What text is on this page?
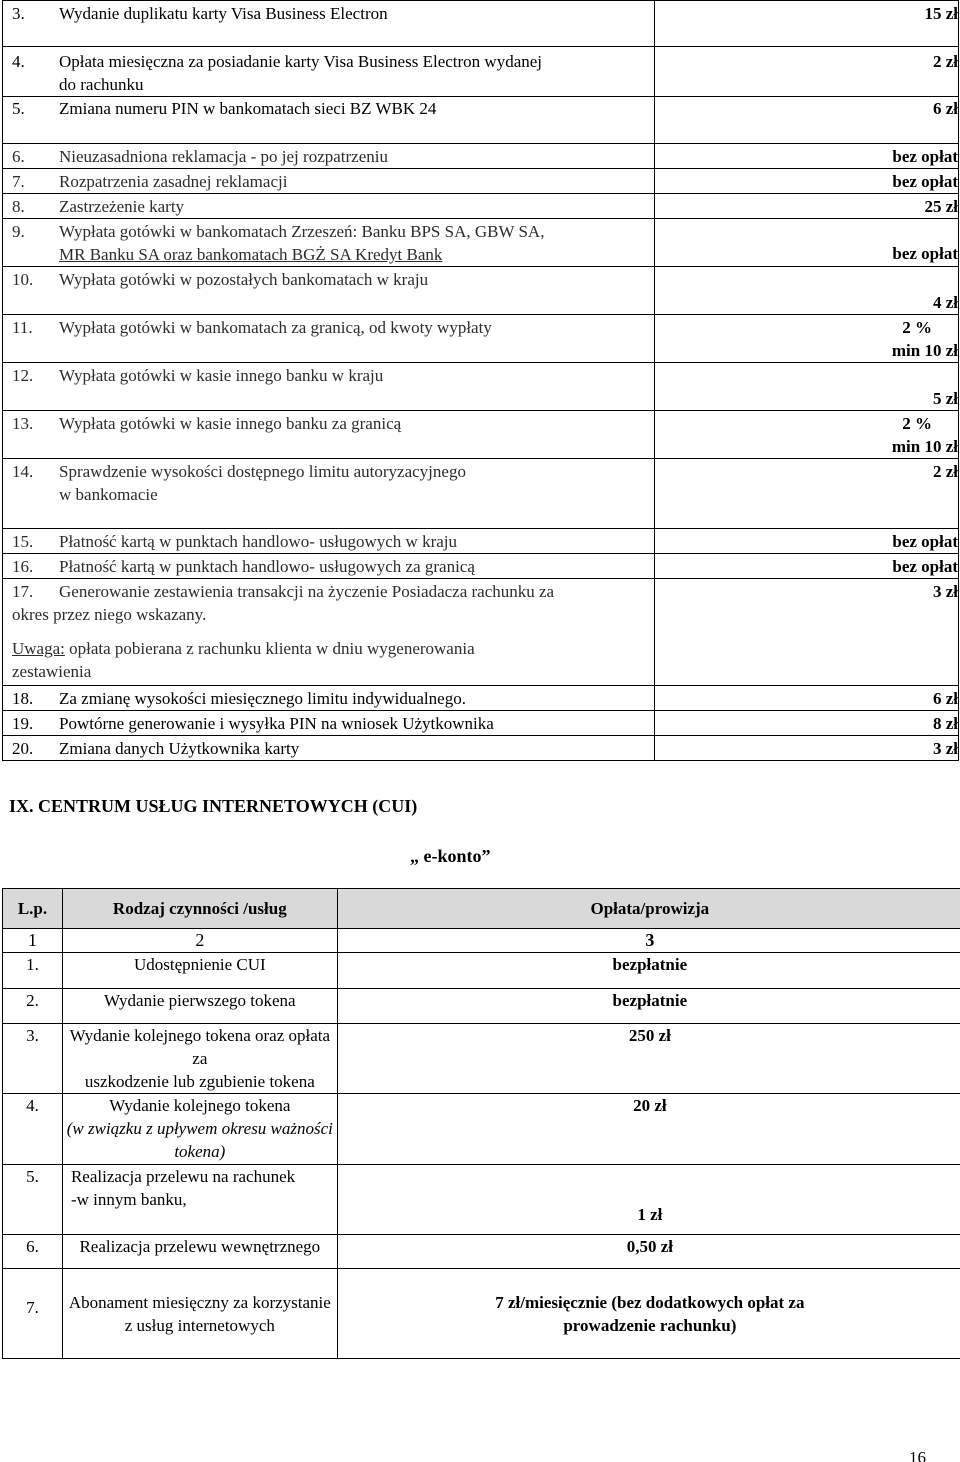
3. Wydanie duplikatu karty Visa Business Electron	15 zł
4. Opłata miesięczna za posiadanie karty Visa Business Electron wydanej
do rachunku	2 zł
5. Zmiana numeru PIN w bankomatach sieci BZ WBK 24	6 zł
6. Nieuzasadniona reklamacja - po jej rozpatrzeniu	bez opłat
7. Rozpatrzenia zasadnej reklamacji	bez opłat
8. Zastrzeżenie karty	25 zł
9. Wypłata gotówki w bankomatach Zrzeszeń: Banku BPS SA, GBW SA,
MR Banku SA oraz bankomatach BGŻ SA Kredyt Bank	bez opłat
10. Wypłata gotówki w pozostałych bankomatach w kraju	4 zł
11. Wypłata gotówki w bankomatach za granicą, od kwoty wypłaty	2 %
min 10 zł

12. Wypłata gotówki w kasie innego banku w kraju	5 zł
13. Wypłata gotówki w kasie innego banku za granicą	2 %
min 10 zł

14. Sprawdzenie wysokości dostępnego limitu autoryzacyjnego
w bankomacie	2 zł
15. Płatność kartą w punktach handlowo- usługowych w kraju	bez opłat
16. Płatność kartą w punktach handlowo- usługowych za granicą	bez opłat
17. Generowanie zestawienia transakcji na życzenie Posiadacza rachunku za
okres przez niego wskazany.
Uwaga: opłata pobierana z rachunku klienta w dniu wygenerowania
zestawienia	3 zł
18. Za zmianę wysokości miesięcznego limitu indywidualnego.	6 zł
19. Powtórne generowanie i wysyłka PIN na wniosek Użytkownika	8 zł
20.Zmiana danych Użytkownika karty	3 zł
IX. CENTRUM USŁUG INTERNETOWYCH (CUI)
„ e-konto”
L.p.	Rodzaj czynności /usług	Opłata/prowizja
1	2	3
1.	Udostępnienie CUI	bezpłatnie
2.	Wydanie pierwszego tokena	bezpłatnie
3.	Wydanie kolejnego tokena oraz opłata za
uszkodzenie lub zgubienie tokena	250 zł
4.	Wydanie kolejnego tokena
(w związku z upływem okresu ważności tokena)	20 zł
5.	Realizacja przelewu na rachunek
-w innym banku,	1 zł
6.	Realizacja przelewu wewnętrznego	0,50 zł
7.	Abonament miesięczny za korzystanie
z usług internetowych	7 zł/miesięcznie (bez dodatkowych opłat za
prowadzenie rachunku)
16
